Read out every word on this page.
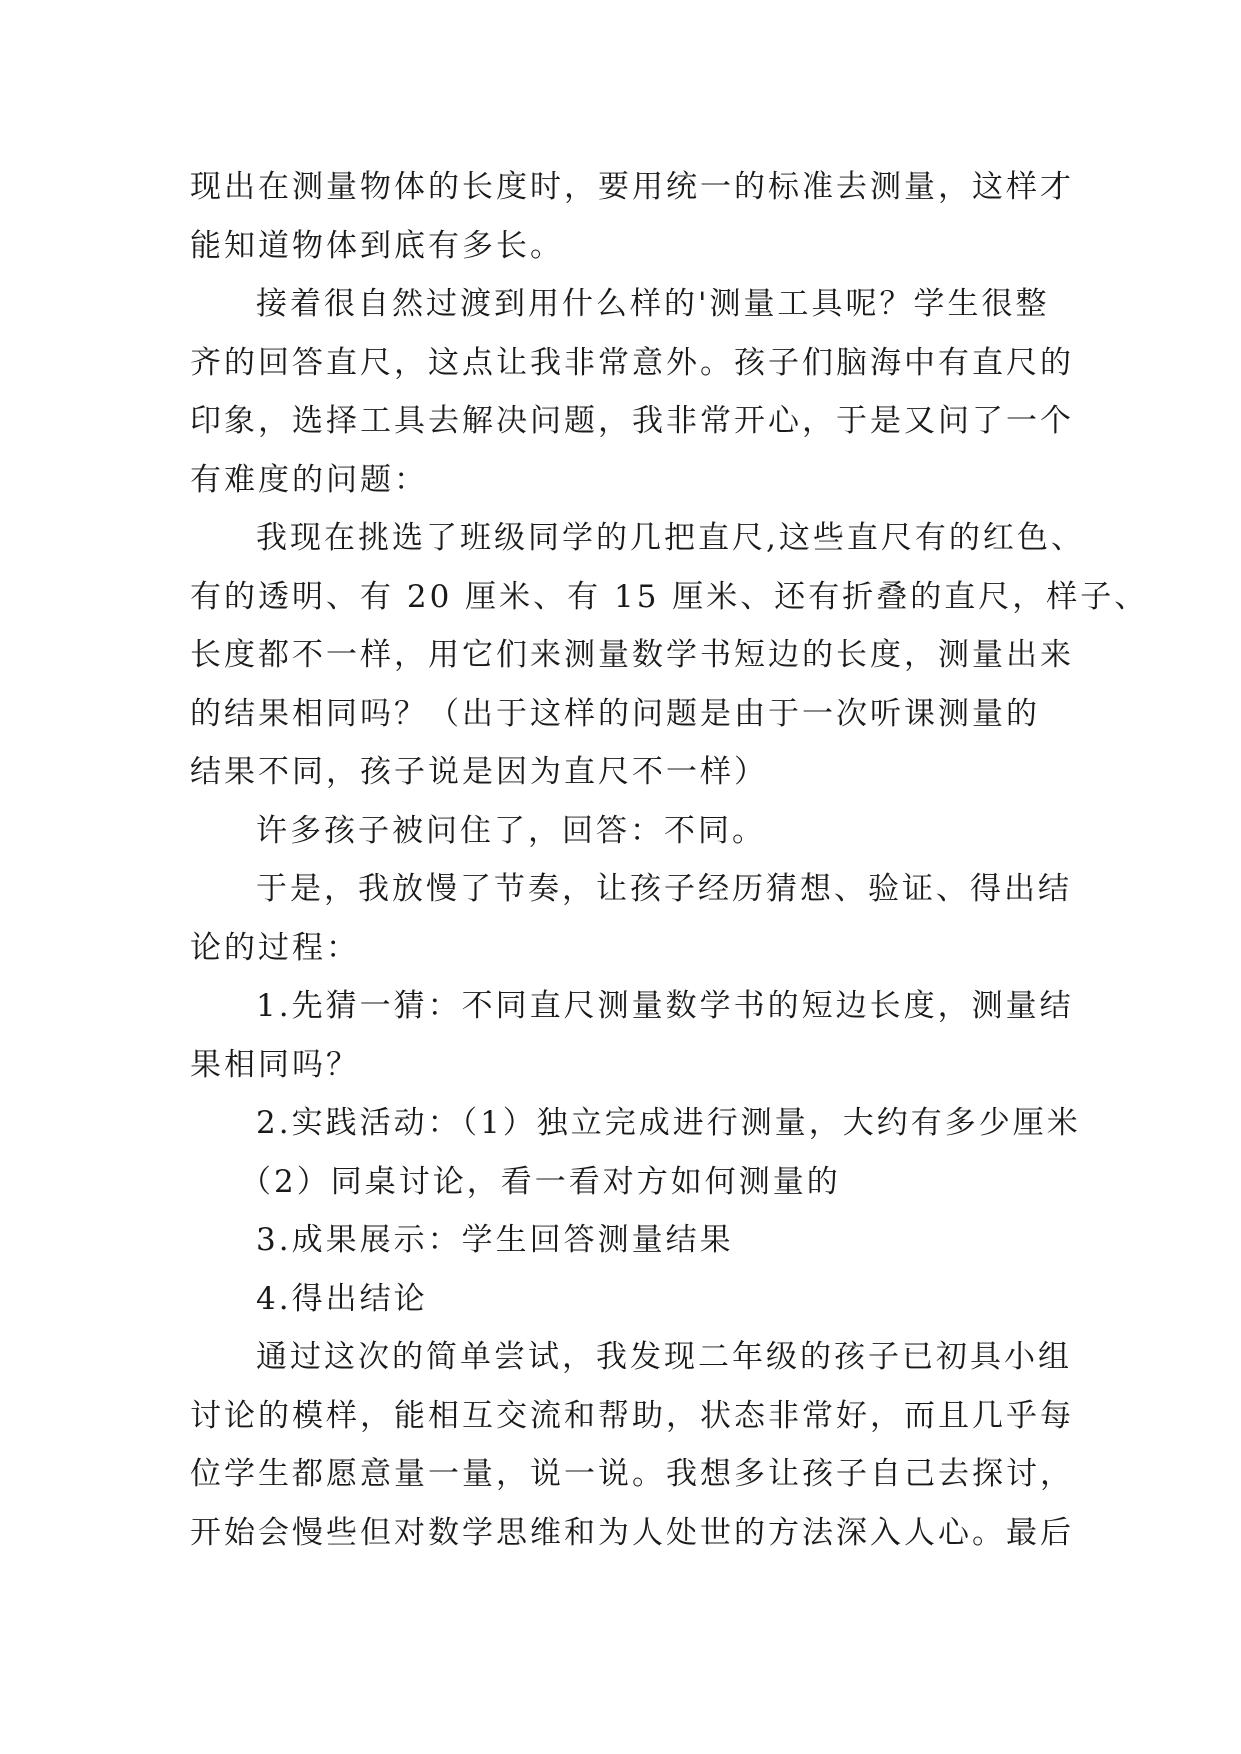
现出在测量物体的长度时，要用统一的标准去测量，这样才
能知道物体到底有多长。
接着很自然过渡到用什么样的'测量工具呢？学生很整
齐的回答直尺，这点让我非常意外。孩子们脑海中有直尺的
印象，选择工具去解决问题，我非常开心，于是又问了一个
有难度的问题：
我现在挑选了班级同学的几把直尺,这些直尺有的红色、
有的透明、有 20 厘米、有 15 厘米、还有折叠的直尺，样子、
长度都不一样，用它们来测量数学书短边的长度，测量出来
的结果相同吗？（出于这样的问题是由于一次听课测量的
结果不同，孩子说是因为直尺不一样）
许多孩子被问住了，回答：不同。
于是，我放慢了节奏，让孩子经历猜想、验证、得出结
论的过程：
1.先猜一猜：不同直尺测量数学书的短边长度，测量结
果相同吗？
2.实践活动：（1）独立完成进行测量，大约有多少厘米
（2）同桌讨论，看一看对方如何测量的
3.成果展示：学生回答测量结果
4.得出结论
通过这次的简单尝试，我发现二年级的孩子已初具小组
讨论的模样，能相互交流和帮助，状态非常好，而且几乎每
位学生都愿意量一量，说一说。我想多让孩子自己去探讨，
开始会慢些但对数学思维和为人处世的方法深入人心。最后
